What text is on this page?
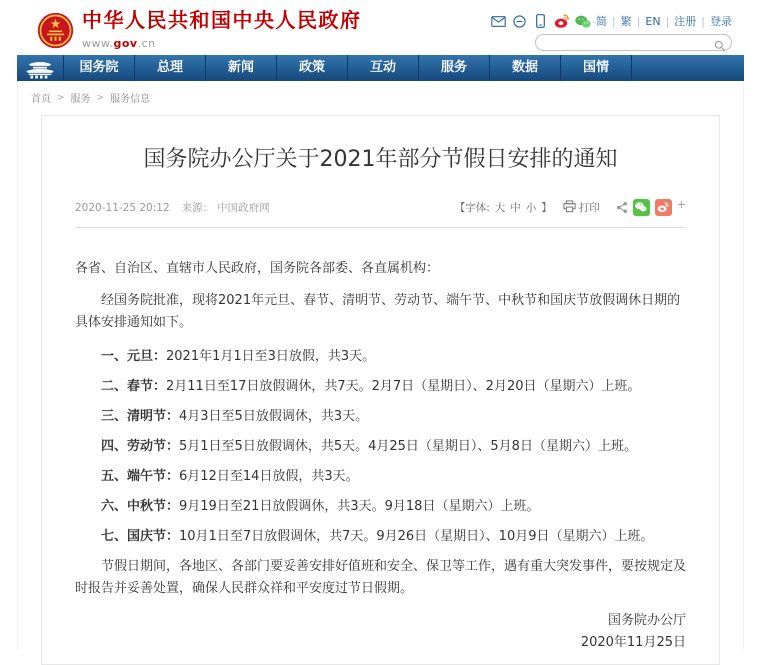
中华人民共和国中央人民政府
www.gov.cn
简 | 繁 | EN | 注册 | 登录
国务院	总理	新闻	政策	互动	服务	数据	国情
首页 > 服务 > 服务信息
国务院办公厅关于2021年部分节假日安排的通知
2020-11-25 20:12 来源： 中国政府网	【字体: 大 中 小 】	打印	+

各省、自治区、直辖市人民政府，国务院各部委、各直属机构：

经国务院批准，现将2021年元旦、春节、清明节、劳动节、端午节、中秋节和国庆节放假调休日期的具体安排通知如下。

一、元旦：2021年1月1日至3日放假，共3天。

二、春节：2月11日至17日放假调休，共7天。2月7日（星期日）、2月20日（星期六）上班。

三、清明节：4月3日至5日放假调休，共3天。

四、劳动节：5月1日至5日放假调休，共5天。4月25日（星期日）、5月8日（星期六）上班。

五、端午节：6月12日至14日放假，共3天。

六、中秋节：9月19日至21日放假调休，共3天。9月18日（星期六）上班。

七、国庆节：10月1日至7日放假调休，共7天。9月26日（星期日）、10月9日（星期六）上班。

节假日期间，各地区、各部门要妥善安排好值班和安全、保卫等工作，遇有重大突发事件，要按规定及时报告并妥善处置，确保人民群众祥和平安度过节日假期。

国务院办公厅
2020年11月25日
